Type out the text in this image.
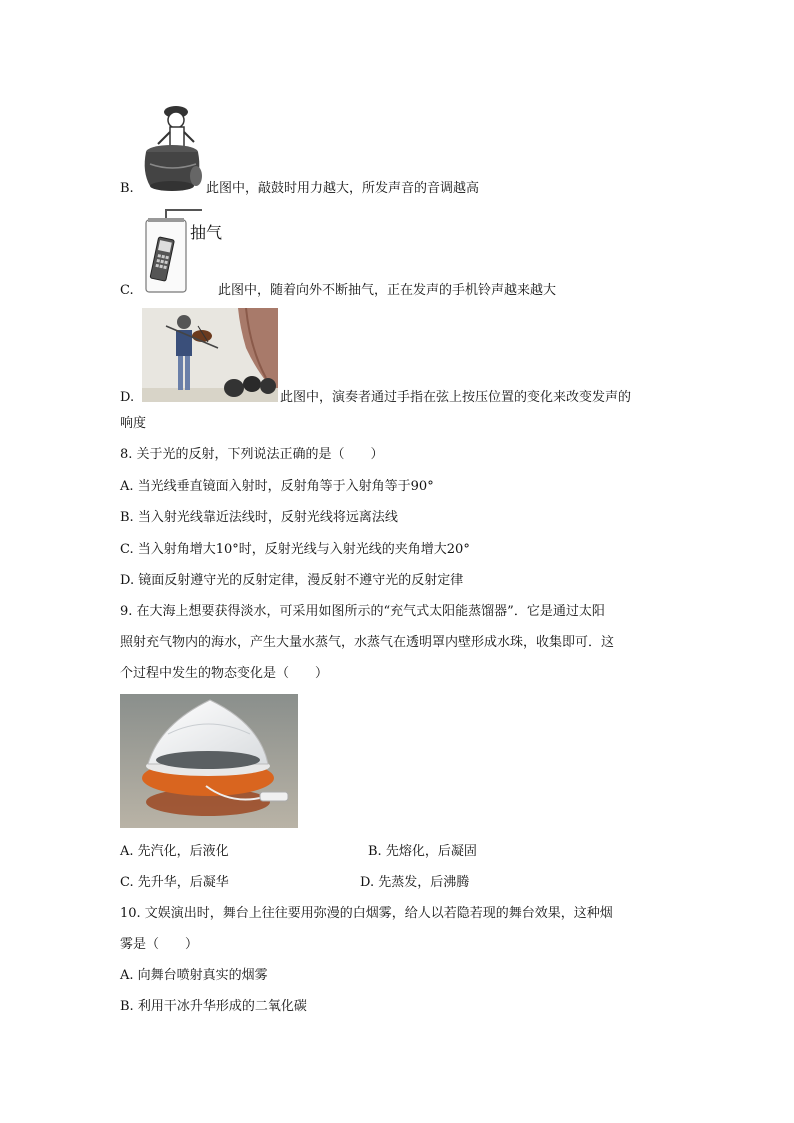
B.	此图中，敲鼓时用力越大，所发声音的音调越高
抽气
C.	此图中，随着向外不断抽气，正在发声的手机铃声越来越大
D.	此图中，演奏者通过手指在弦上按压位置的变化来改变发声的
响度
8. 关于光的反射，下列说法正确的是（　　）
A. 当光线垂直镜面入射时，反射角等于入射角等于90°
B. 当入射光线靠近法线时，反射光线将远离法线
C. 当入射角增大10°时，反射光线与入射光线的夹角增大20°
D. 镜面反射遵守光的反射定律，漫反射不遵守光的反射定律
9. 在大海上想要获得淡水，可采用如图所示的“充气式太阳能蒸馏器”．它是通过太阳
照射充气物内的海水，产生大量水蒸气，水蒸气在透明罩内壁形成水珠，收集即可．这
个过程中发生的物态变化是（　　）
A. 先汽化，后液化	B. 先熔化，后凝固
C. 先升华，后凝华	D. 先蒸发，后沸腾
10. 文娱演出时，舞台上往往要用弥漫的白烟雾，给人以若隐若现的舞台效果，这种烟
雾是（　　）
A. 向舞台喷射真实的烟雾
B. 利用干冰升华形成的二氧化碳
